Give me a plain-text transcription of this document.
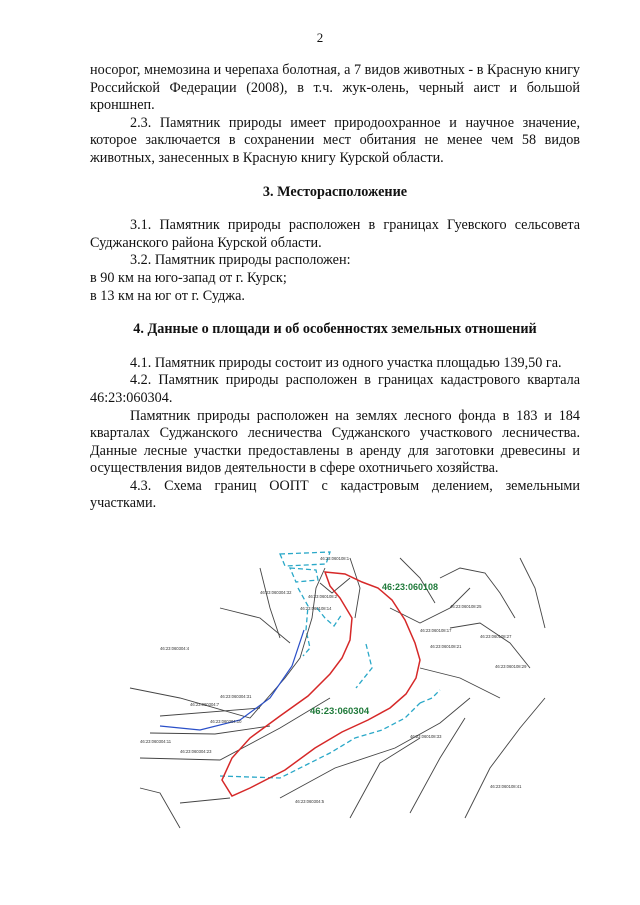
2

носорог, мнемозина и черепаха болотная, а 7 видов животных - в Красную книгу Российской Федерации (2008), в т.ч. жук-олень, черный аист и большой кроншнеп.

2.3. Памятник природы имеет природоохранное и научное значение, которое заключается в сохранении мест обитания не менее чем 58 видов животных, занесенных в Красную книгу Курской области.

3. Месторасположение

3.1. Памятник природы расположен в границах Гуевского сельсовета Суджанского района Курской области.

3.2. Памятник природы расположен:

в 90 км на юго-запад от г. Курск;

в 13 км на юг от г. Суджа.

4. Данные о площади и об особенностях земельных отношений

4.1. Памятник природы состоит из одного участка площадью 139,50 га.

4.2. Памятник природы расположен в границах кадастрового квартала 46:23:060304.

Памятник природы расположен на землях лесного фонда в 183 и 184 кварталах Суджанского лесничества Суджанского участкового лесничества. Данные лесные участки предоставлены в аренду для заготовки древесины и осуществления видов деятельности в сфере охотничьего хозяйства.

4.3. Схема границ ООПТ с кадастровым делением, земельными участками.

46:23:060304
46:23:060108
46:23:060304:4
46:23:060304:7
46:23:060304:10
46:23:060304:11
46:23:060304:23
46:23:060304:31
46:23:060304:32
46:23:060304:5
46:23:060108:1
46:23:060108:2
46:23:060108:14
46:23:060108:17
46:23:060108:21
46:23:060108:25
46:23:060108:27
46:23:060108:29
46:23:060108:33
46:23:060108:41
